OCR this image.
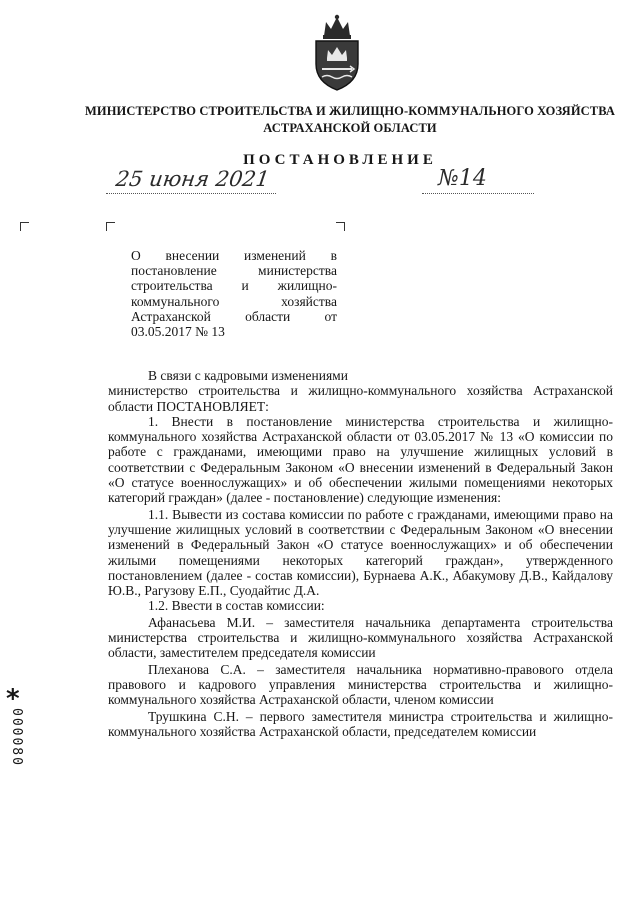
МИНИСТЕРСТВО СТРОИТЕЛЬСТВА И ЖИЛИЩНО-КОММУНАЛЬНОГО ХОЗЯЙСТВА
АСТРАХАНСКОЙ ОБЛАСТИ
ПОСТАНОВЛЕНИЕ
25 июня 2021	№14
О внесении изменений в
постановление министерства
строительства и жилищно-
коммунального хозяйства
Астраханской области от
03.05.2017 № 13

В связи с кадровыми изменениями

министерство строительства и жилищно-коммунального хозяйства Астраханской области ПОСТАНОВЛЯЕТ:

1. Внести в постановление министерства строительства и жилищно-коммунального хозяйства Астраханской области от 03.05.2017 № 13 «О комиссии по работе с гражданами, имеющими право на улучшение жилищных условий в соответствии с Федеральным Законом «О внесении изменений в Федеральный Закон «О статусе военнослужащих» и об обеспечении жилыми помещениями некоторых категорий граждан» (далее - постановление) следующие изменения:

1.1. Вывести из состава комиссии по работе с гражданами, имеющими право на улучшение жилищных условий в соответствии с Федеральным Законом «О внесении изменений в Федеральный Закон «О статусе военнослужащих» и об обеспечении жилыми помещениями некоторых категорий граждан», утвержденного постановлением (далее - состав комиссии), Бурнаева А.К., Абакумову Д.В., Кайдалову Ю.В., Рагузову Е.П., Суодайтис Д.А.

1.2. Ввести в состав комиссии:

Афанасьева М.И. – заместителя начальника департамента строительства министерства строительства и жилищно-коммунального хозяйства Астраханской области, заместителем председателя комиссии

Плеханова С.А. – заместителя начальника нормативно-правового отдела правового и кадрового управления министерства строительства и жилищно-коммунального хозяйства Астраханской области, членом комиссии

Трушкина С.Н. – первого заместителя министра строительства и жилищно-коммунального хозяйства Астраханской области, председателем комиссии

*
000080
